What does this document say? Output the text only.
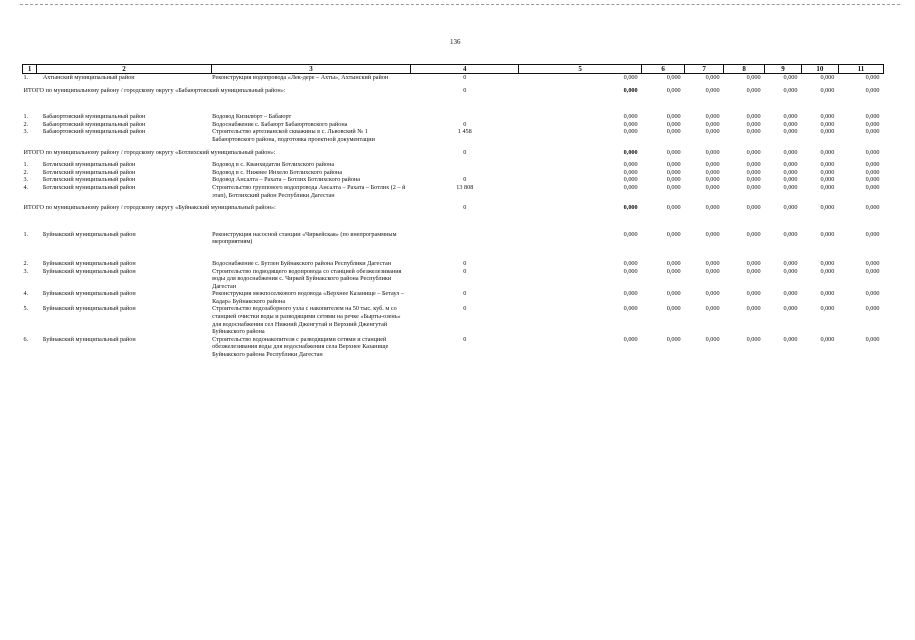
136
1	2	3	4	5	6	7	8	9	10	11
1.	Ахтынский муниципальный район	Реконструкция водопровода «Лек-дере – Ахты», Ахтынский район	0	0,000	0,000	0,000	0,000	0,000	0,000	0,000
ИТОГО по муниципальному району / городскому округу «Бабаюртовский муниципальный район»:			0	0,000	0,000	0,000	0,000	0,000	0,000	0,000

1.	Бабаюртовский муниципальный район	Водовод Кизилюрт – Бабаюрт		0,000	0,000	0,000	0,000	0,000	0,000	0,000
2.	Бабаюртовский муниципальный район	Водоснабжение с. Бабаюрт Бабаюртовского района	0	0,000	0,000	0,000	0,000	0,000	0,000	0,000
3.	Бабаюртовский муниципальный район	Строительство артезианской скважины в с. Львовский № 1 Бабаюртовского района, подготовка проектной документации	1 458	0,000	0,000	0,000	0,000	0,000	0,000	0,000
ИТОГО по муниципальному району / городскому округу «Ботлихский муниципальный район»:			0	0,000	0,000	0,000	0,000	0,000	0,000	0,000
1.	Ботлихский муниципальный район	Водовод в с. Кванхидатли Ботлихского района		0,000	0,000	0,000	0,000	0,000	0,000	0,000
2.	Ботлихский муниципальный район	Водовод в с. Нижнее Инхело Ботлихского района		0,000	0,000	0,000	0,000	0,000	0,000	0,000
3.	Ботлихский муниципальный район	Водовод Ансалта – Рахата – Ботлих Ботлихского района	0	0,000	0,000	0,000	0,000	0,000	0,000	0,000
4.	Ботлихский муниципальный район	Строительство группового водопровода Ансалта – Рахата – Ботлих (2 – й этап), Ботлихский район Республики Дагестан	13 808	0,000	0,000	0,000	0,000	0,000	0,000	0,000
ИТОГО по муниципальному району / городскому округу «Буйнакский муниципальный район»:			0	0,000	0,000	0,000	0,000	0,000	0,000	0,000

1.	Буйнакский муниципальный район	Реконструкция насосной станции «Чиркейская» (по внепрограммным мероприятиям)		0,000	0,000	0,000	0,000	0,000	0,000	0,000

2.	Буйнакский муниципальный район	Водоснабжение с. Буглен Буйнакского района Республики Дагестан	0	0,000	0,000	0,000	0,000	0,000	0,000	0,000
3.	Буйнакский муниципальный район	Строительство подводящего водопровода со станцией обезжелезивания воды для водоснабжения с. Чиркей Буйнакского района Республики Дагестан	0	0,000	0,000	0,000	0,000	0,000	0,000	0,000
4.	Буйнакский муниципальный район	Реконструкция межпоселкового водовода «Верхнее Казанище – Бетаул – Кадар» Буйнакского района	0	0,000	0,000	0,000	0,000	0,000	0,000	0,000
5.	Буйнакский муниципальный район	Строительство водозаборного узла с накопителем на 50 тыс. куб. м со станцией очистки воды и разводящими сетями на речке «Бырты-озень» для водоснабжения сел Нижний Дженгутай и Верхний Дженгутай Буйнакского района	0	0,000	0,000	0,000	0,000	0,000	0,000	0,000
6.	Буйнакский муниципальный район	Строительство водонакопителя с разводящими сетями и станцией обезжелезивания воды для водоснабжения села Верхнее Казанище Буйнакского района Республики Дагестан	0	0,000	0,000	0,000	0,000	0,000	0,000	0,000
